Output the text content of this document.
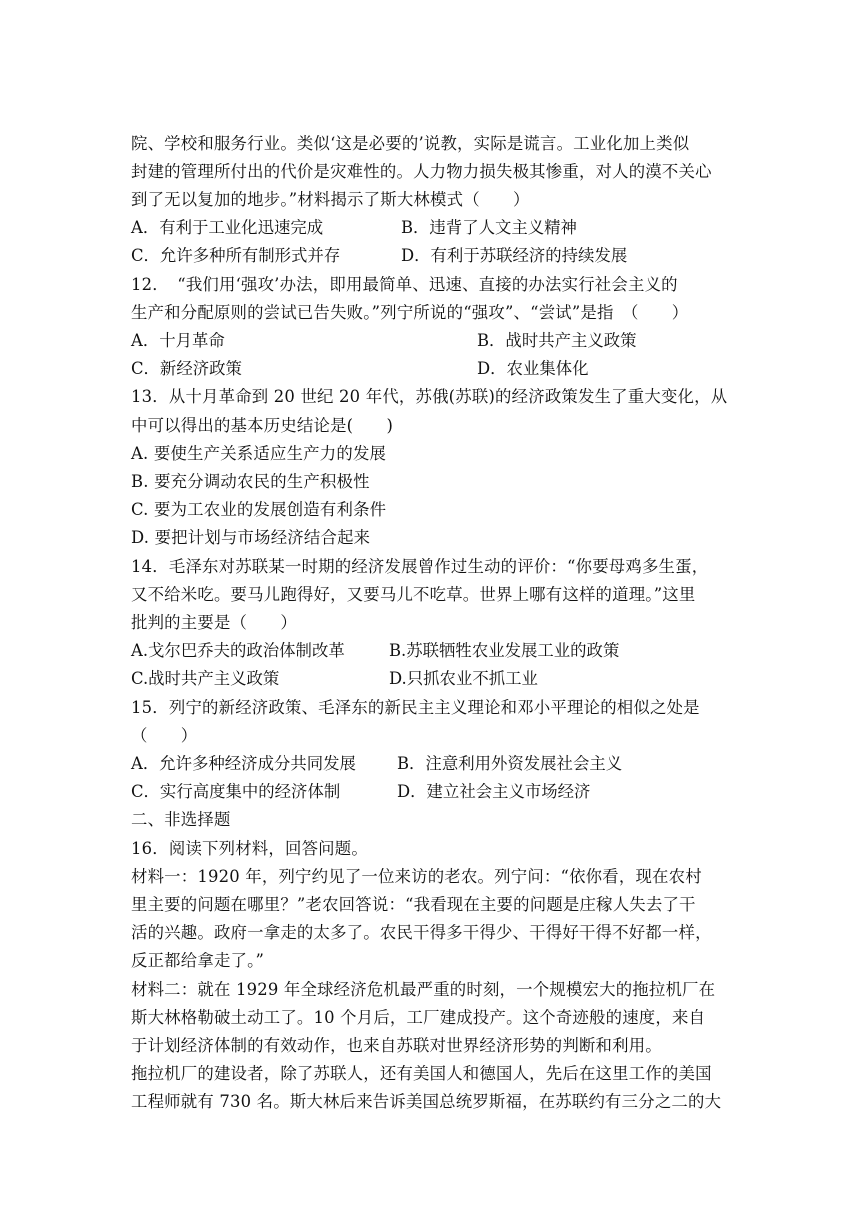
院、学校和服务行业。类似‘这是必要的’说教，实际是谎言。工业化加上类似
封建的管理所付出的代价是灾难性的。人力物力损失极其惨重，对人的漠不关心
到了无以复加的地步。”材料揭示了斯大林模式（　　）
A．有利于工业化迅速完成	B．违背了人文主义精神
C．允许多种所有制形式并存	D．有利于苏联经济的持续发展
12．　“我们用‘强攻’办法，即用最简单、迅速、直接的办法实行社会主义的
生产和分配原则的尝试已告失败。”列宁所说的“强攻”、“尝试”是指　（　　）
A．十月革命	B．战时共产主义政策
C．新经济政策	D．农业集体化
13．从十月革命到 20 世纪 20 年代，苏俄(苏联)的经济政策发生了重大变化，从
中可以得出的基本历史结论是(　　)
A. 要使生产关系适应生产力的发展
B. 要充分调动农民的生产积极性
C. 要为工农业的发展创造有利条件
D. 要把计划与市场经济结合起来
14．毛泽东对苏联某一时期的经济发展曾作过生动的评价：“你要母鸡多生蛋，
又不给米吃。要马儿跑得好，又要马儿不吃草。世界上哪有这样的道理。”这里
批判的主要是（　　）
A.戈尔巴乔夫的政治体制改革	B.苏联牺牲农业发展工业的政策
C.战时共产主义政策	D.只抓农业不抓工业
15．列宁的新经济政策、毛泽东的新民主主义理论和邓小平理论的相似之处是
（　　）
A．允许多种经济成分共同发展	B．注意利用外资发展社会主义
C．实行高度集中的经济体制	D．建立社会主义市场经济
二、非选择题
16．阅读下列材料，回答问题。
材料一：1920 年，列宁约见了一位来访的老农。列宁问：“依你看，现在农村
里主要的问题在哪里？”老农回答说：“我看现在主要的问题是庄稼人失去了干
活的兴趣。政府一拿走的太多了。农民干得多干得少、干得好干得不好都一样，
反正都给拿走了。”
材料二：就在 1929 年全球经济危机最严重的时刻，一个规模宏大的拖拉机厂在
斯大林格勒破土动工了。10 个月后，工厂建成投产。这个奇迹般的速度，来自
于计划经济体制的有效动作，也来自苏联对世界经济形势的判断和利用。
拖拉机厂的建设者，除了苏联人，还有美国人和德国人，先后在这里工作的美国
工程师就有 730 名。斯大林后来告诉美国总统罗斯福，在苏联约有三分之二的大
